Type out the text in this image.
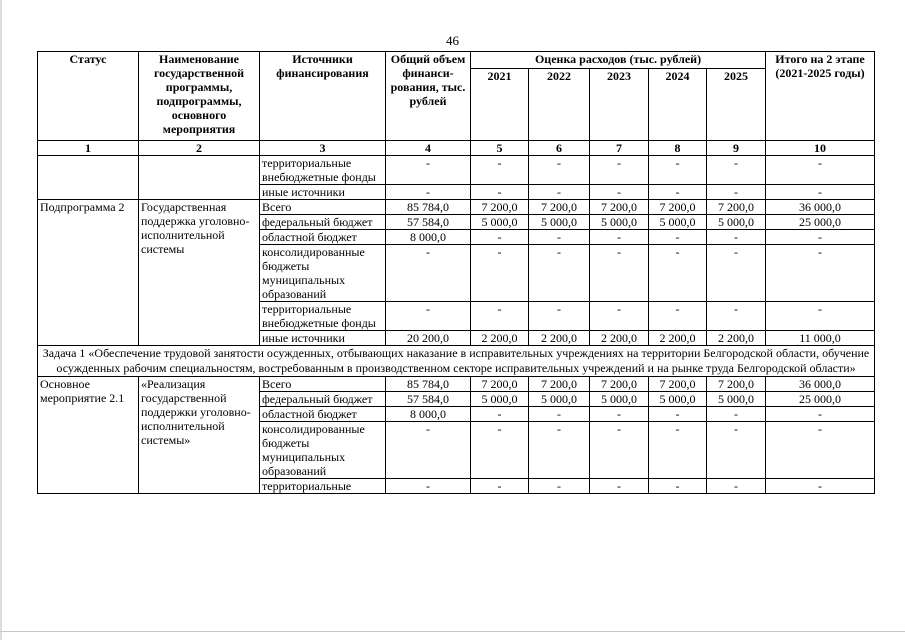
46
Статус	Наименование государственной программы, подпрограммы, основного мероприятия	Источники финансирования	Общий объем финанси-рования, тыс. рублей	Оценка расходов (тыс. рублей)					Итого на 2 этапе (2021-2025 годы)
				2021	2022	2023	2024	2025	
1	2	3	4	5	6	7	8	9	10
		территориальные внебюджетные фонды	-	-	-	-	-	-	-
		иные источники	-	-	-	-	-	-	-
Подпрограмма 2	Государственная поддержка уголовно-исполнительной системы	Всего	85 784,0	7 200,0	7 200,0	7 200,0	7 200,0	7 200,0	36 000,0
		федеральный бюджет	57 584,0	5 000,0	5 000,0	5 000,0	5 000,0	5 000,0	25 000,0
		областной бюджет	8 000,0	-	-	-	-	-	-
		консолидированные бюджеты муниципальных образований	-	-	-	-	-	-	-
		территориальные внебюджетные фонды	-	-	-	-	-	-	-
		иные источники	20 200,0	2 200,0	2 200,0	2 200,0	2 200,0	2 200,0	11 000,0
Задача 1 «Обеспечение трудовой занятости осужденных, отбывающих наказание в исправительных учреждениях на территории Белгородской области, обучение осужденных рабочим специальностям, востребованным в производственном секторе исправительных учреждений и на рынке труда Белгородской области»									
Основное мероприятие 2.1	«Реализация государственной поддержки уголовно-исполнительной системы»	Всего	85 784,0	7 200,0	7 200,0	7 200,0	7 200,0	7 200,0	36 000,0
		федеральный бюджет	57 584,0	5 000,0	5 000,0	5 000,0	5 000,0	5 000,0	25 000,0
		областной бюджет	8 000,0	-	-	-	-	-	-
		консолидированные бюджеты муниципальных образований	-	-	-	-	-	-	-
		территориальные	-	-	-	-	-	-	-
